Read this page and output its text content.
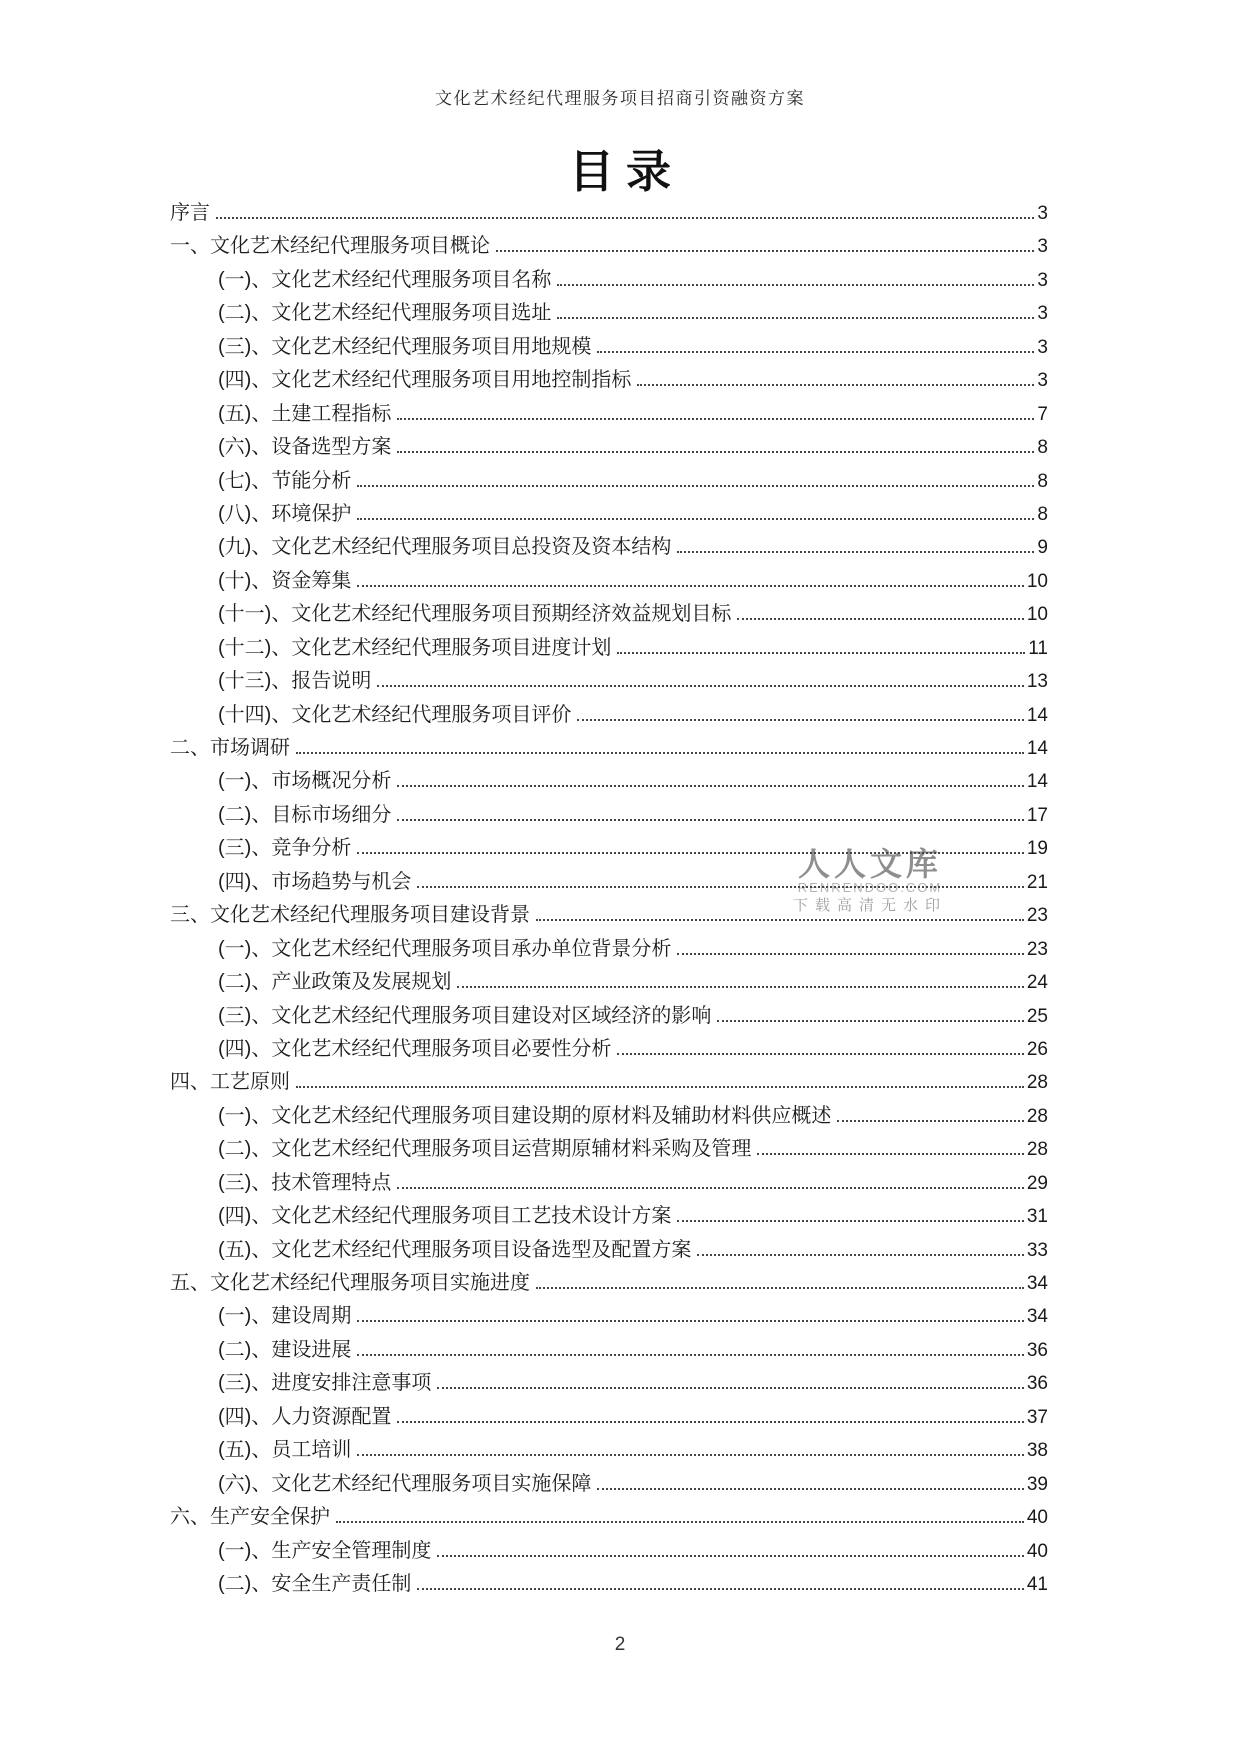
文化艺术经纪代理服务项目招商引资融资方案
目录
序言	3
一、文化艺术经纪代理服务项目概论	3
(一)、文化艺术经纪代理服务项目名称	3
(二)、文化艺术经纪代理服务项目选址	3
(三)、文化艺术经纪代理服务项目用地规模	3
(四)、文化艺术经纪代理服务项目用地控制指标	3
(五)、土建工程指标	7
(六)、设备选型方案	8
(七)、节能分析	8
(八)、环境保护	8
(九)、文化艺术经纪代理服务项目总投资及资本结构	9
(十)、资金筹集	10
(十一)、文化艺术经纪代理服务项目预期经济效益规划目标	10
(十二)、文化艺术经纪代理服务项目进度计划	11
(十三)、报告说明	13
(十四)、文化艺术经纪代理服务项目评价	14
二、市场调研	14
(一)、市场概况分析	14
(二)、目标市场细分	17
(三)、竞争分析	19
(四)、市场趋势与机会	21
三、文化艺术经纪代理服务项目建设背景	23
(一)、文化艺术经纪代理服务项目承办单位背景分析	23
(二)、产业政策及发展规划	24
(三)、文化艺术经纪代理服务项目建设对区域经济的影响	25
(四)、文化艺术经纪代理服务项目必要性分析	26
四、工艺原则	28
(一)、文化艺术经纪代理服务项目建设期的原材料及辅助材料供应概述	28
(二)、文化艺术经纪代理服务项目运营期原辅材料采购及管理	28
(三)、技术管理特点	29
(四)、文化艺术经纪代理服务项目工艺技术设计方案	31
(五)、文化艺术经纪代理服务项目设备选型及配置方案	33
五、文化艺术经纪代理服务项目实施进度	34
(一)、建设周期	34
(二)、建设进展	36
(三)、进度安排注意事项	36
(四)、人力资源配置	37
(五)、员工培训	38
(六)、文化艺术经纪代理服务项目实施保障	39
六、生产安全保护	40
(一)、生产安全管理制度	40
(二)、安全生产责任制	41
人人文库
RENRENDOO.COM
下载高清无水印
2
